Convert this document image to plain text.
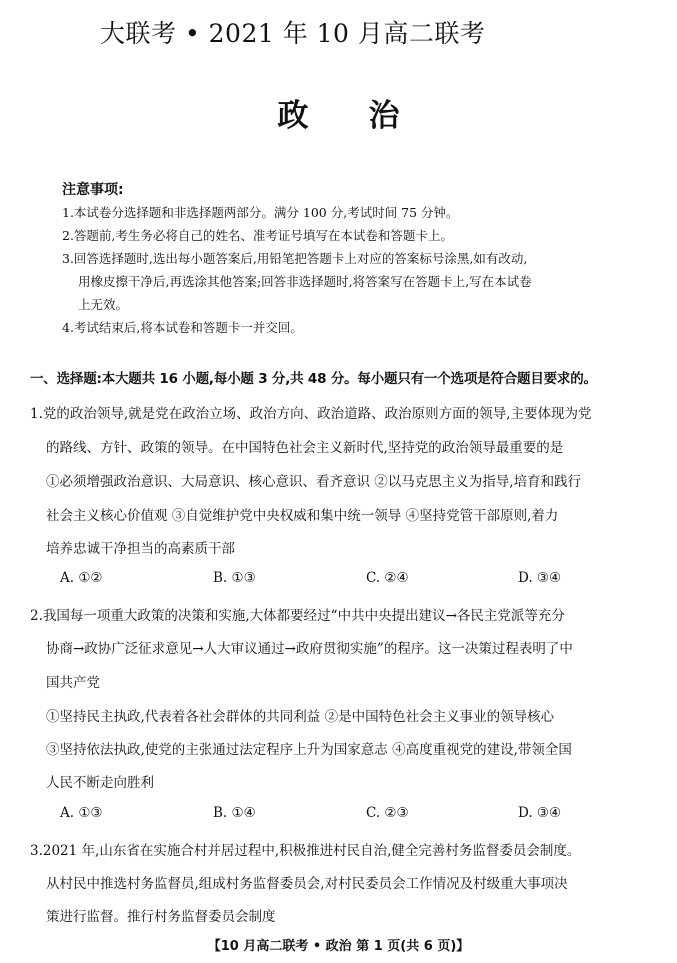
大联考 • 2021 年 10 月高二联考
政治
注意事项:
1.本试卷分选择题和非选择题两部分。满分 100 分,考试时间 75 分钟。
2.答题前,考生务必将自己的姓名、准考证号填写在本试卷和答题卡上。
3.回答选择题时,选出每小题答案后,用铅笔把答题卡上对应的答案标号涂黑,如有改动,
用橡皮擦干净后,再选涂其他答案;回答非选择题时,将答案写在答题卡上,写在本试卷
上无效。
4.考试结束后,将本试卷和答题卡一并交回。
一、选择题:本大题共 16 小题,每小题 3 分,共 48 分。每小题只有一个选项是符合题目要求的。
1.党的政治领导,就是党在政治立场、政治方向、政治道路、政治原则方面的领导,主要体现为党
的路线、方针、政策的领导。在中国特色社会主义新时代,坚持党的政治领导最重要的是
①必须增强政治意识、大局意识、核心意识、看齐意识 ②以马克思主义为指导,培育和践行
社会主义核心价值观 ③自觉维护党中央权威和集中统一领导 ④坚持党管干部原则,着力
培养忠诚干净担当的高素质干部
A. ①②	B. ①③	C. ②④	D. ③④
2.我国每一项重大政策的决策和实施,大体都要经过“中共中央提出建议→各民主党派等充分
协商→政协广泛征求意见→人大审议通过→政府贯彻实施”的程序。这一决策过程表明了中
国共产党
①坚持民主执政,代表着各社会群体的共同利益 ②是中国特色社会主义事业的领导核心
③坚持依法执政,使党的主张通过法定程序上升为国家意志 ④高度重视党的建设,带领全国
人民不断走向胜利
A. ①③	B. ①④	C. ②③	D. ③④
3.2021 年,山东省在实施合村并居过程中,积极推进村民自治,健全完善村务监督委员会制度。
从村民中推选村务监督员,组成村务监督委员会,对村民委员会工作情况及村级重大事项决
策进行监督。推行村务监督委员会制度
【10 月高二联考 • 政治 第 1 页(共 6 页)】
